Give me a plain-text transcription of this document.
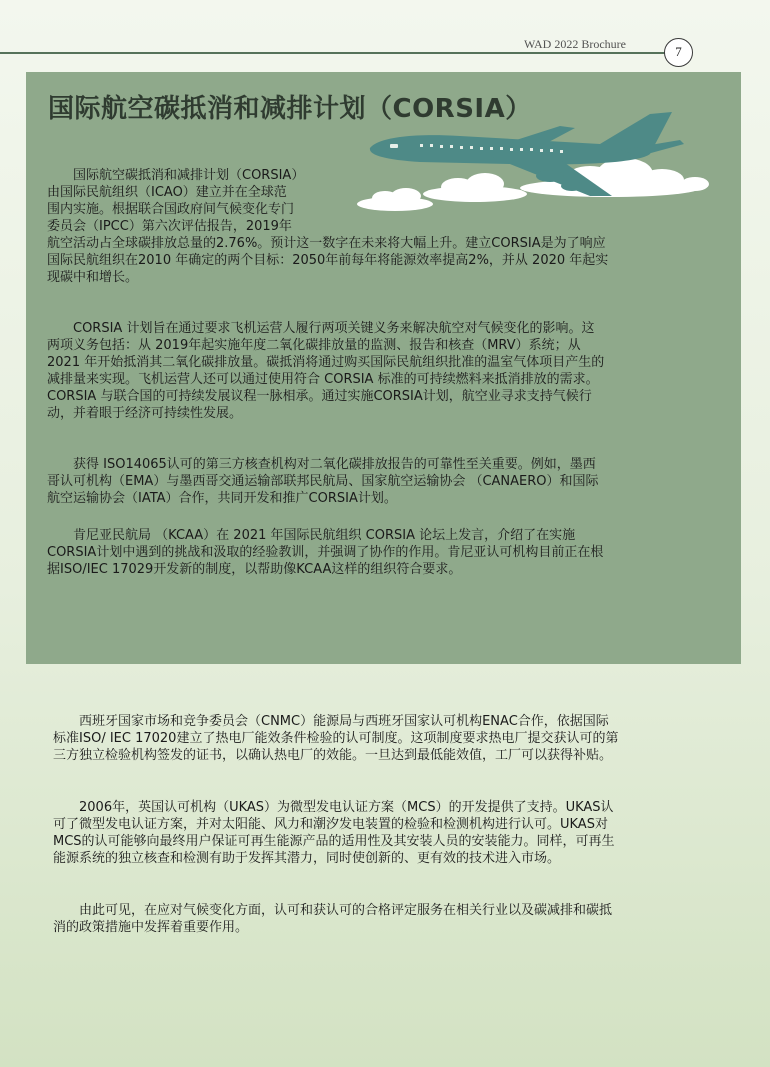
WAD 2022 Brochure	7
国际航空碳抵消和减排计划（CORSIA）
国际航空碳抵消和减排计划（CORSIA）
由国际民航组织（ICAO）建立并在全球范
围内实施。根据联合国政府间气候变化专门
委员会（IPCC）第六次评估报告，2019年
航空活动占全球碳排放总量的2.76%。预计这一数字在未来将大幅上升。建立CORSIA是为了响应
国际民航组织在2010 年确定的两个目标：2050年前每年将能源效率提高2%，并从 2020 年起实
现碳中和增长。
CORSIA 计划旨在通过要求飞机运营人履行两项关键义务来解决航空对气候变化的影响。这
两项义务包括：从 2019年起实施年度二氧化碳排放量的监测、报告和核查（MRV）系统；从
2021 年开始抵消其二氧化碳排放量。碳抵消将通过购买国际民航组织批准的温室气体项目产生的
减排量来实现。飞机运营人还可以通过使用符合 CORSIA 标准的可持续燃料来抵消排放的需求。
CORSIA 与联合国的可持续发展议程一脉相承。通过实施CORSIA计划，航空业寻求支持气候行
动，并着眼于经济可持续性发展。
获得 ISO14065认可的第三方核查机构对二氧化碳排放报告的可靠性至关重要。例如，墨西
哥认可机构（EMA）与墨西哥交通运输部联邦民航局、国家航空运输协会 （CANAERO）和国际
航空运输协会（IATA）合作，共同开发和推广CORSIA计划。
肯尼亚民航局 （KCAA）在 2021 年国际民航组织 CORSIA 论坛上发言，介绍了在实施
CORSIA计划中遇到的挑战和汲取的经验教训，并强调了协作的作用。肯尼亚认可机构目前正在根
据ISO/IEC 17029开发新的制度，以帮助像KCAA这样的组织符合要求。
西班牙国家市场和竞争委员会（CNMC）能源局与西班牙国家认可机构ENAC合作，依据国际
标准ISO/ IEC 17020建立了热电厂能效条件检验的认可制度。这项制度要求热电厂提交获认可的第
三方独立检验机构签发的证书，以确认热电厂的效能。一旦达到最低能效值，工厂可以获得补贴。
2006年，英国认可机构（UKAS）为微型发电认证方案（MCS）的开发提供了支持。UKAS认
可了微型发电认证方案，并对太阳能、风力和潮汐发电装置的检验和检测机构进行认可。UKAS对
MCS的认可能够向最终用户保证可再生能源产品的适用性及其安装人员的安装能力。同样，可再生
能源系统的独立核查和检测有助于发挥其潜力，同时使创新的、更有效的技术进入市场。
由此可见，在应对气候变化方面，认可和获认可的合格评定服务在相关行业以及碳减排和碳抵
消的政策措施中发挥着重要作用。
